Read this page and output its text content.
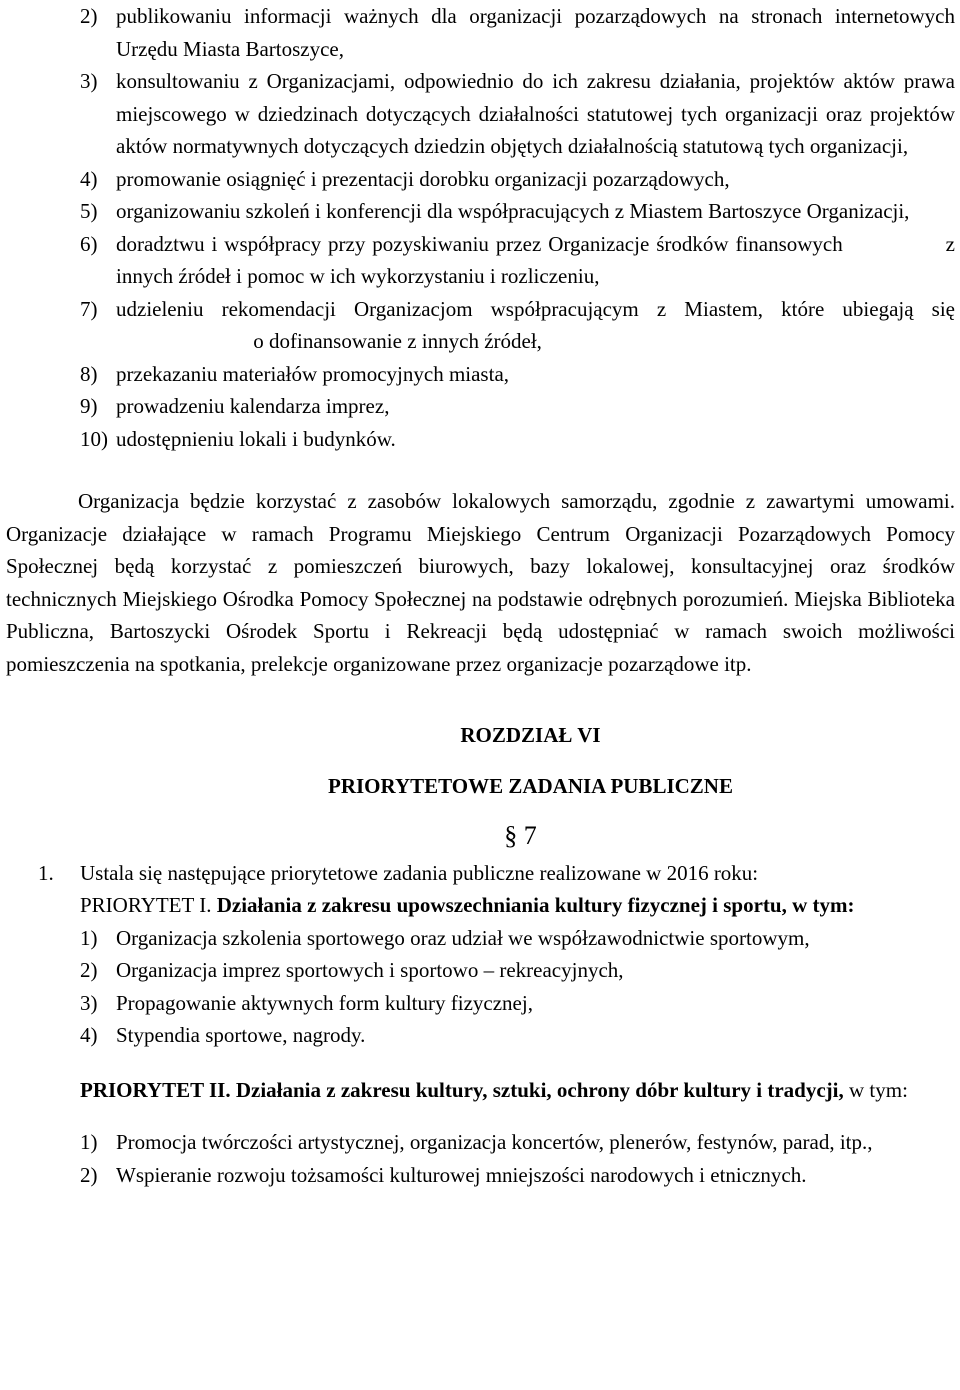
2) publikowaniu informacji ważnych dla organizacji pozarządowych na stronach internetowych Urzędu Miasta Bartoszyce,
3) konsultowaniu z Organizacjami, odpowiednio do ich zakresu działania, projektów aktów prawa miejscowego w dziedzinach dotyczących działalności statutowej tych organizacji oraz projektów aktów normatywnych dotyczących dziedzin objętych działalnością statutową tych organizacji,
4) promowanie osiągnięć i prezentacji dorobku organizacji pozarządowych,
5) organizowaniu szkoleń i konferencji dla współpracujących z Miastem Bartoszyce Organizacji,
6) doradztwu i współpracy przy pozyskiwaniu przez Organizacje środków finansowych	z innych źródeł i pomoc w ich wykorzystaniu i rozliczeniu,
7) udzieleniu rekomendacji Organizacjom współpracującym z Miastem, które ubiegają się o dofinansowanie z innych źródeł,
8) przekazaniu materiałów promocyjnych miasta,
9) prowadzeniu kalendarza imprez,
10) udostępnieniu lokali i budynków.

Organizacja będzie korzystać z zasobów lokalowych samorządu, zgodnie z zawartymi umowami. Organizacje działające w ramach Programu Miejskiego Centrum Organizacji Pozarządowych Pomocy Społecznej będą korzystać z pomieszczeń biurowych, bazy lokalowej, konsultacyjnej oraz środków technicznych Miejskiego Ośrodka Pomocy Społecznej na podstawie odrębnych porozumień. Miejska Biblioteka Publiczna, Bartoszycki Ośrodek Sportu i Rekreacji będą udostępniać w ramach swoich możliwości pomieszczenia na spotkania, prelekcje organizowane przez organizacje pozarządowe itp.

ROZDZIAŁ VI

PRIORYTETOWE ZADANIA PUBLICZNE

§ 7

1. Ustala się następujące priorytetowe zadania publiczne realizowane w 2016 roku:

PRIORYTET I. Działania z zakresu upowszechniania kultury fizycznej i sportu, w tym:

1) Organizacja szkolenia sportowego oraz udział we współzawodnictwie sportowym,
2) Organizacja imprez sportowych i sportowo – rekreacyjnych,
3) Propagowanie aktywnych form kultury fizycznej,
4) Stypendia sportowe, nagrody.

PRIORYTET II. Działania z zakresu kultury, sztuki, ochrony dóbr kultury i tradycji, w tym:

1) Promocja twórczości artystycznej, organizacja koncertów, plenerów, festynów, parad, itp.,
2) Wspieranie rozwoju tożsamości kulturowej mniejszości narodowych i etnicznych.
